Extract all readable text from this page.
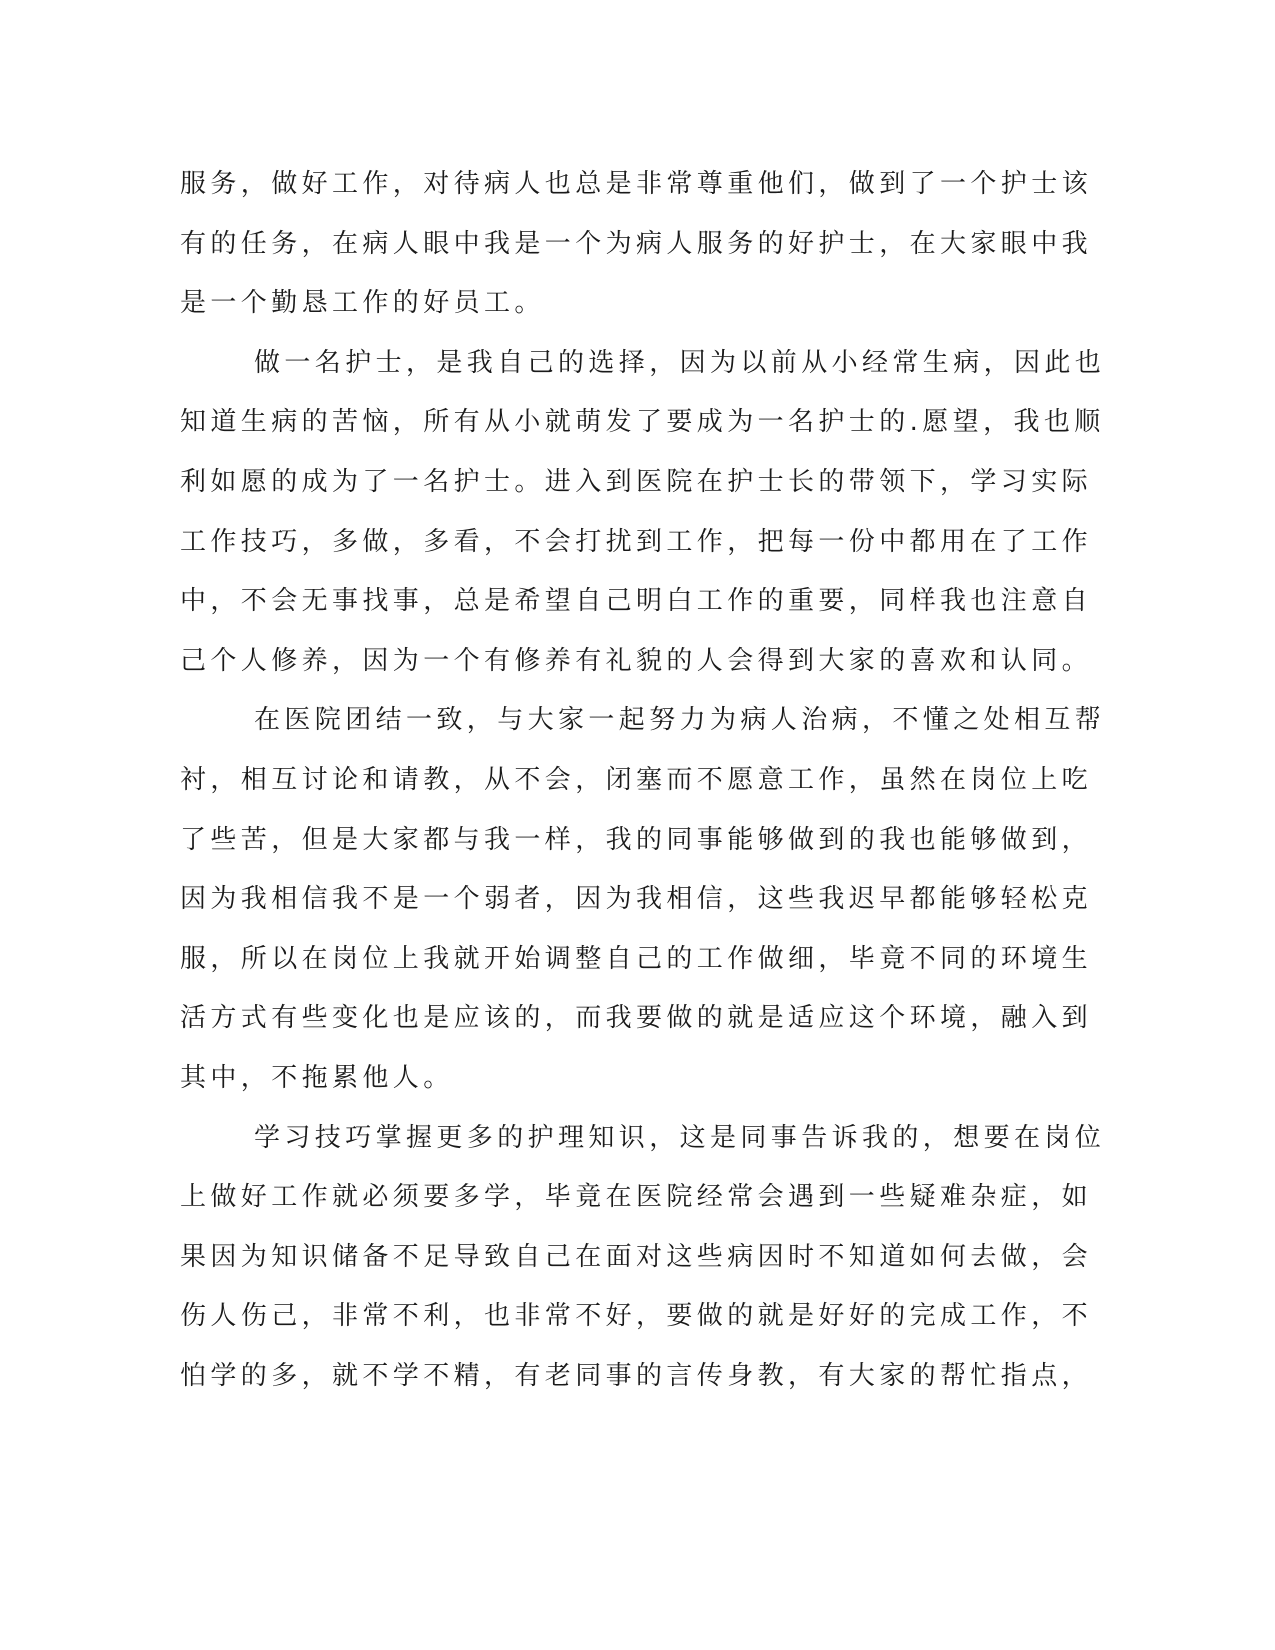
服务，做好工作，对待病人也总是非常尊重他们，做到了一个护士该
有的任务，在病人眼中我是一个为病人服务的好护士，在大家眼中我
是一个勤恳工作的好员工。
做一名护士，是我自己的选择，因为以前从小经常生病，因此也
知道生病的苦恼，所有从小就萌发了要成为一名护士的.愿望，我也顺
利如愿的成为了一名护士。进入到医院在护士长的带领下，学习实际
工作技巧，多做，多看，不会打扰到工作，把每一份中都用在了工作
中，不会无事找事，总是希望自己明白工作的重要，同样我也注意自
己个人修养，因为一个有修养有礼貌的人会得到大家的喜欢和认同。
在医院团结一致，与大家一起努力为病人治病，不懂之处相互帮
衬，相互讨论和请教，从不会，闭塞而不愿意工作，虽然在岗位上吃
了些苦，但是大家都与我一样，我的同事能够做到的我也能够做到，
因为我相信我不是一个弱者，因为我相信，这些我迟早都能够轻松克
服，所以在岗位上我就开始调整自己的工作做细，毕竟不同的环境生
活方式有些变化也是应该的，而我要做的就是适应这个环境，融入到
其中，不拖累他人。
学习技巧掌握更多的护理知识，这是同事告诉我的，想要在岗位
上做好工作就必须要多学，毕竟在医院经常会遇到一些疑难杂症，如
果因为知识储备不足导致自己在面对这些病因时不知道如何去做，会
伤人伤己，非常不利，也非常不好，要做的就是好好的完成工作，不
怕学的多，就不学不精，有老同事的言传身教，有大家的帮忙指点，
